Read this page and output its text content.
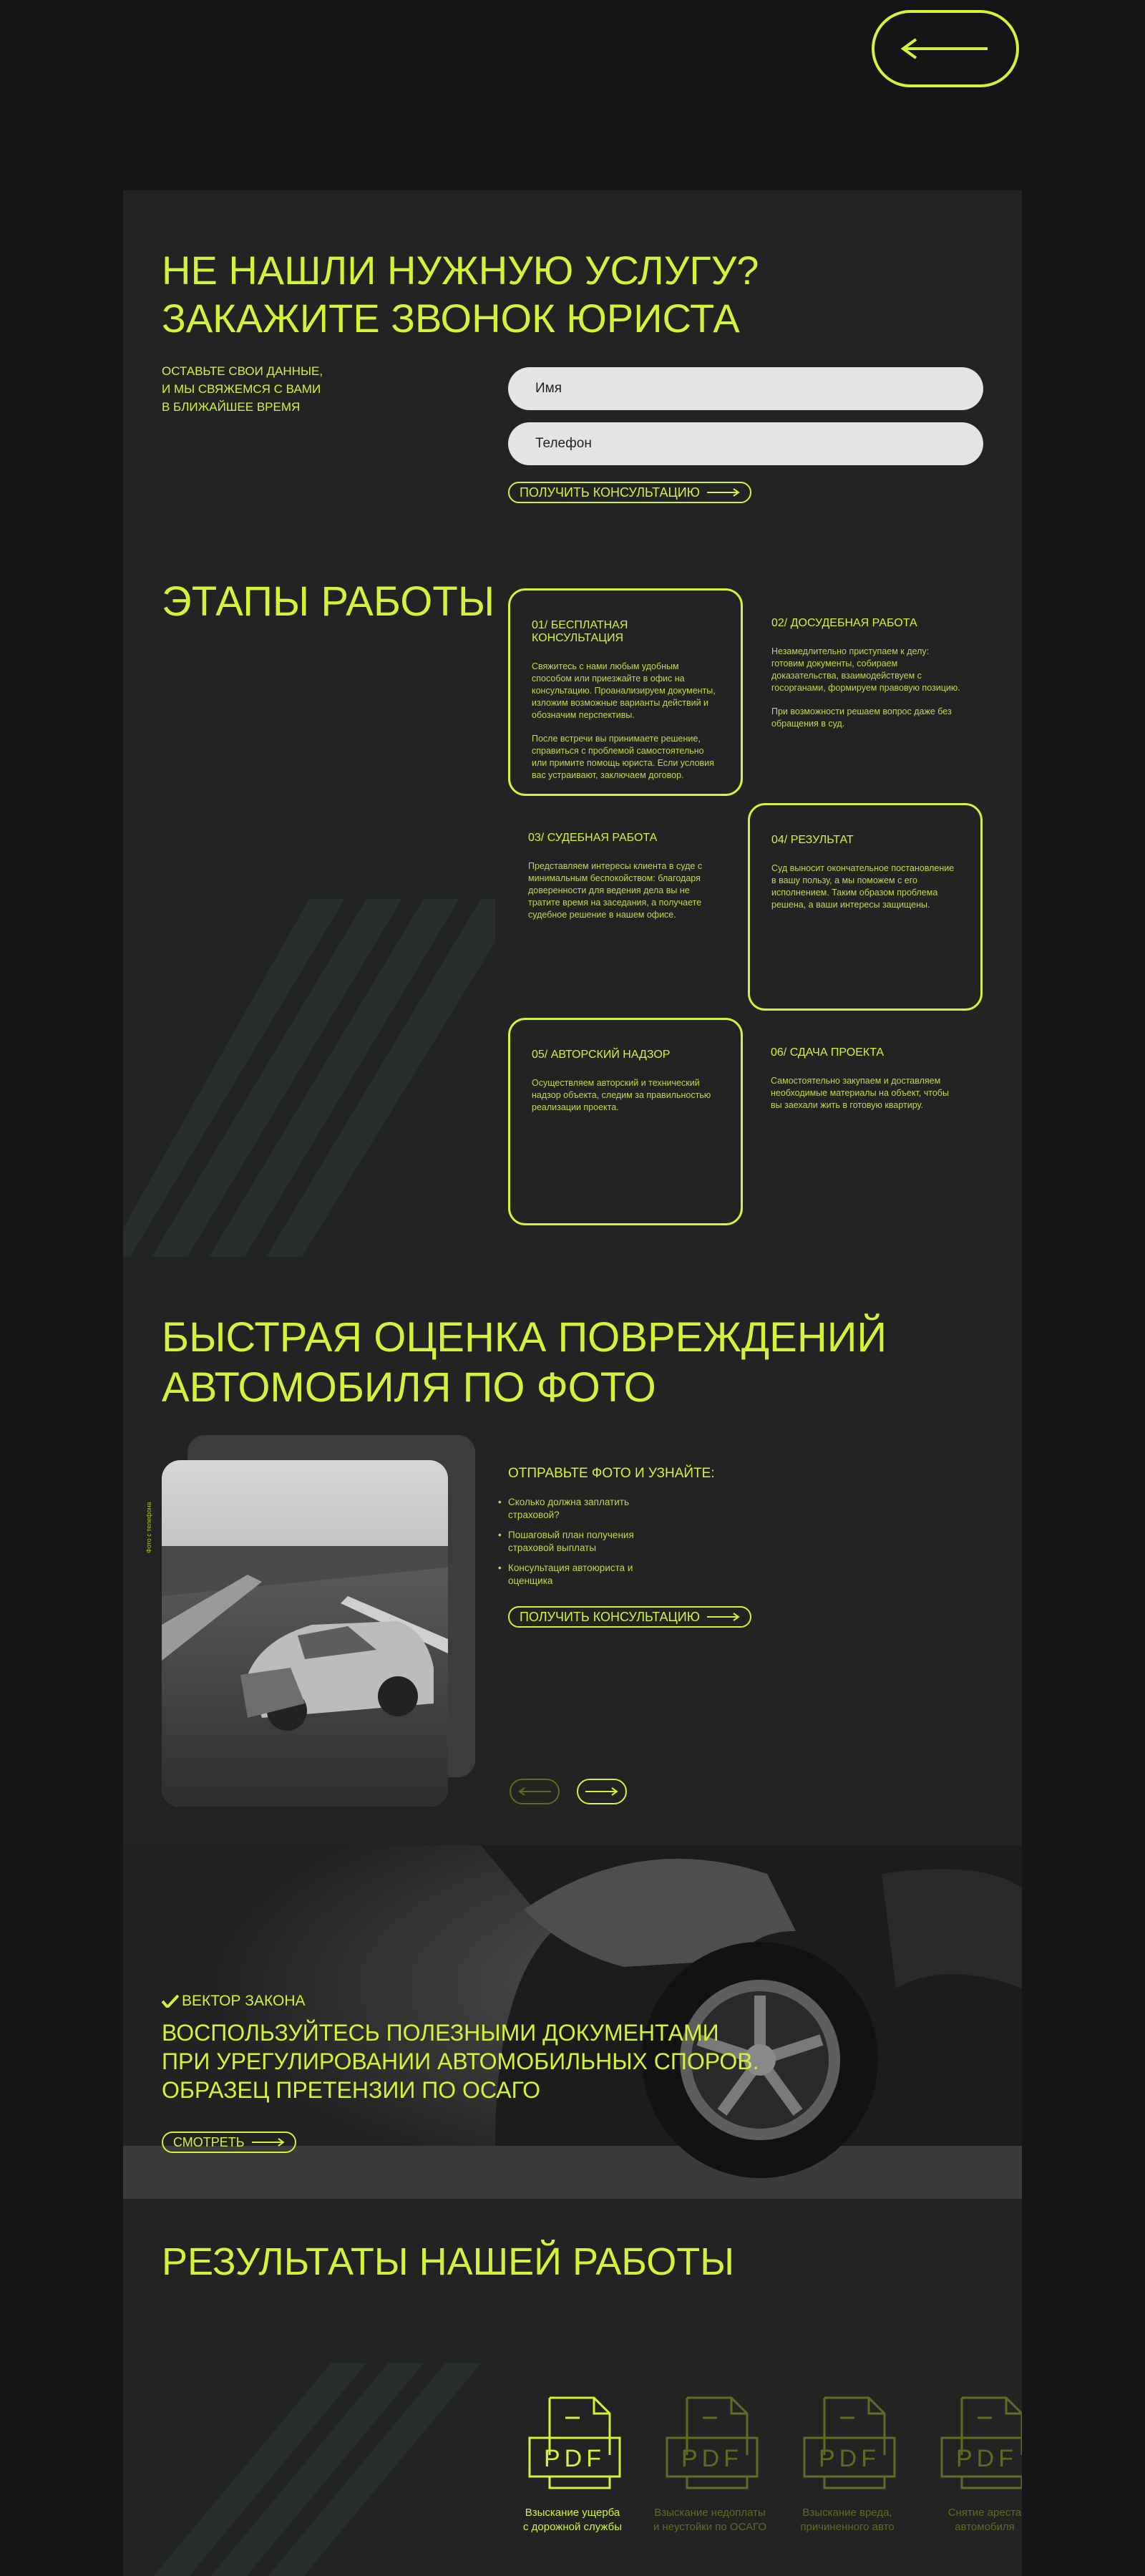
НЕ НАШЛИ НУЖНУЮ УСЛУГУ?
ЗАКАЖИТЕ ЗВОНОК ЮРИСТА
ОСТАВЬТЕ СВОИ ДАННЫЕ,
И МЫ СВЯЖЕМСЯ С ВАМИ
В БЛИЖАЙШЕЕ ВРЕМЯ
Имя
Телефон
ПОЛУЧИТЬ КОНСУЛЬТАЦИЮ
ЭТАПЫ РАБОТЫ
01/ БЕСПЛАТНАЯ КОНСУЛЬТАЦИЯ

Свяжитесь с нами любым удобным способом или приезжайте в офис на консультацию. Проанализируем документы, изложим возможные варианты действий и обозначим перспективы.

После встречи вы принимаете решение, справиться с проблемой самостоятельно или примите помощь юриста. Если условия вас устраивают, заключаем договор.

02/ ДОСУДЕБНАЯ РАБОТА

Незамедлительно приступаем к делу: готовим документы, собираем доказательства, взаимодействуем с госорганами, формируем правовую позицию.

При возможности решаем вопрос даже без обращения в суд.

03/ СУДЕБНАЯ РАБОТА

Представляем интересы клиента в суде с минимальным беспокойством: благодаря доверенности для ведения дела вы не тратите время на заседания, а получаете судебное решение в нашем офисе.

04/ РЕЗУЛЬТАТ

Суд выносит окончательное постановление в вашу пользу, а мы поможем с его исполнением. Таким образом проблема решена, а ваши интересы защищены.

05/ АВТОРСКИЙ НАДЗОР

Осуществляем авторский и технический надзор объекта, следим за правильностью реализации проекта.

06/ СДАЧА ПРОЕКТА

Самостоятельно закупаем и доставляем необходимые материалы на объект, чтобы вы заехали жить в готовую квартиру.

БЫСТРАЯ ОЦЕНКА ПОВРЕЖДЕНИЙ
АВТОМОБИЛЯ ПО ФОТО
Фото с телефона
ОТПРАВЬТЕ ФОТО И УЗНАЙТЕ:
• Сколько должна заплатить страховой?
• Пошаговый план получения страховой выплаты
• Консультация автоюриста и оценщика
ПОЛУЧИТЬ КОНСУЛЬТАЦИЮ
ВЕКТОР ЗАКОНА
ВОСПОЛЬЗУЙТЕСЬ ПОЛЕЗНЫМИ ДОКУМЕНТАМИ
ПРИ УРЕГУЛИРОВАНИИ АВТОМОБИЛЬНЫХ СПОРОВ.
ОБРАЗЕЦ ПРЕТЕНЗИИ ПО ОСАГО
СМОТРЕТЬ
РЕЗУЛЬТАТЫ НАШЕЙ РАБОТЫ
PDF
Взыскание ущерба
с дорожной службы
PDF
Взыскание недоплаты
и неустойки по ОСАГО
PDF
Взыскание вреда,
причиненного авто
PDF
Снятие ареста
автомобиля
